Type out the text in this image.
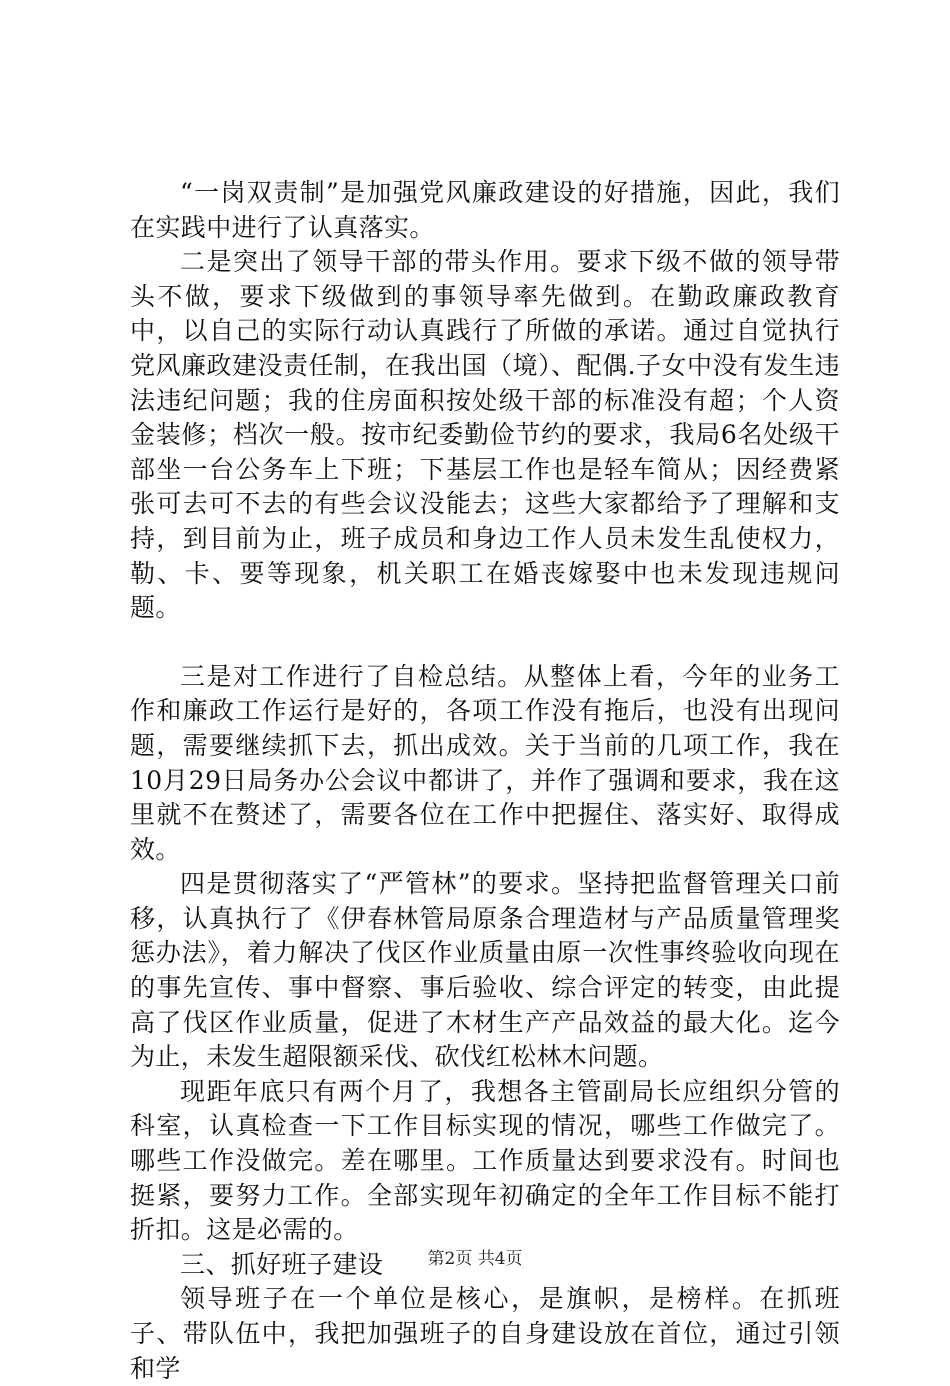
“一岗双责制”是加强党风廉政建设的好措施，因此，我们在实践中进行了认真落实。

二是突出了领导干部的带头作用。要求下级不做的领导带头不做，要求下级做到的事领导率先做到。在勤政廉政教育中，以自己的实际行动认真践行了所做的承诺。通过自觉执行党风廉政建没责任制，在我出国（境）、配偶.子女中没有发生违法违纪问题；我的住房面积按处级干部的标准没有超；个人资金装修；档次一般。按市纪委勤俭节约的要求，我局6名处级干部坐一台公务车上下班；下基层工作也是轻车简从；因经费紧张可去可不去的有些会议没能去；这些大家都给予了理解和支持，到目前为止，班子成员和身边工作人员未发生乱使权力，勒、卡、要等现象，机关职工在婚丧嫁娶中也未发现违规问题。

三是对工作进行了自检总结。从整体上看，今年的业务工作和廉政工作运行是好的，各项工作没有拖后，也没有出现问题，需要继续抓下去，抓出成效。关于当前的几项工作，我在10月29日局务办公会议中都讲了，并作了强调和要求，我在这里就不在赘述了，需要各位在工作中把握住、落实好、取得成效。

四是贯彻落实了“严管林”的要求。坚持把监督管理关口前移，认真执行了《伊春林管局原条合理造材与产品质量管理奖惩办法》，着力解决了伐区作业质量由原一次性事终验收向现在的事先宣传、事中督察、事后验收、综合评定的转变，由此提高了伐区作业质量，促进了木材生产产品效益的最大化。迄今为止，未发生超限额采伐、砍伐红松林木问题。

现距年底只有两个月了，我想各主管副局长应组织分管的科室，认真检查一下工作目标实现的情况，哪些工作做完了。哪些工作没做完。差在哪里。工作质量达到要求没有。时间也挺紧，要努力工作。全部实现年初确定的全年工作目标不能打折扣。这是必需的。

三、抓好班子建设

领导班子在一个单位是核心，是旗帜，是榜样。在抓班子、带队伍中，我把加强班子的自身建设放在首位，通过引领和学

第2页 共4页
